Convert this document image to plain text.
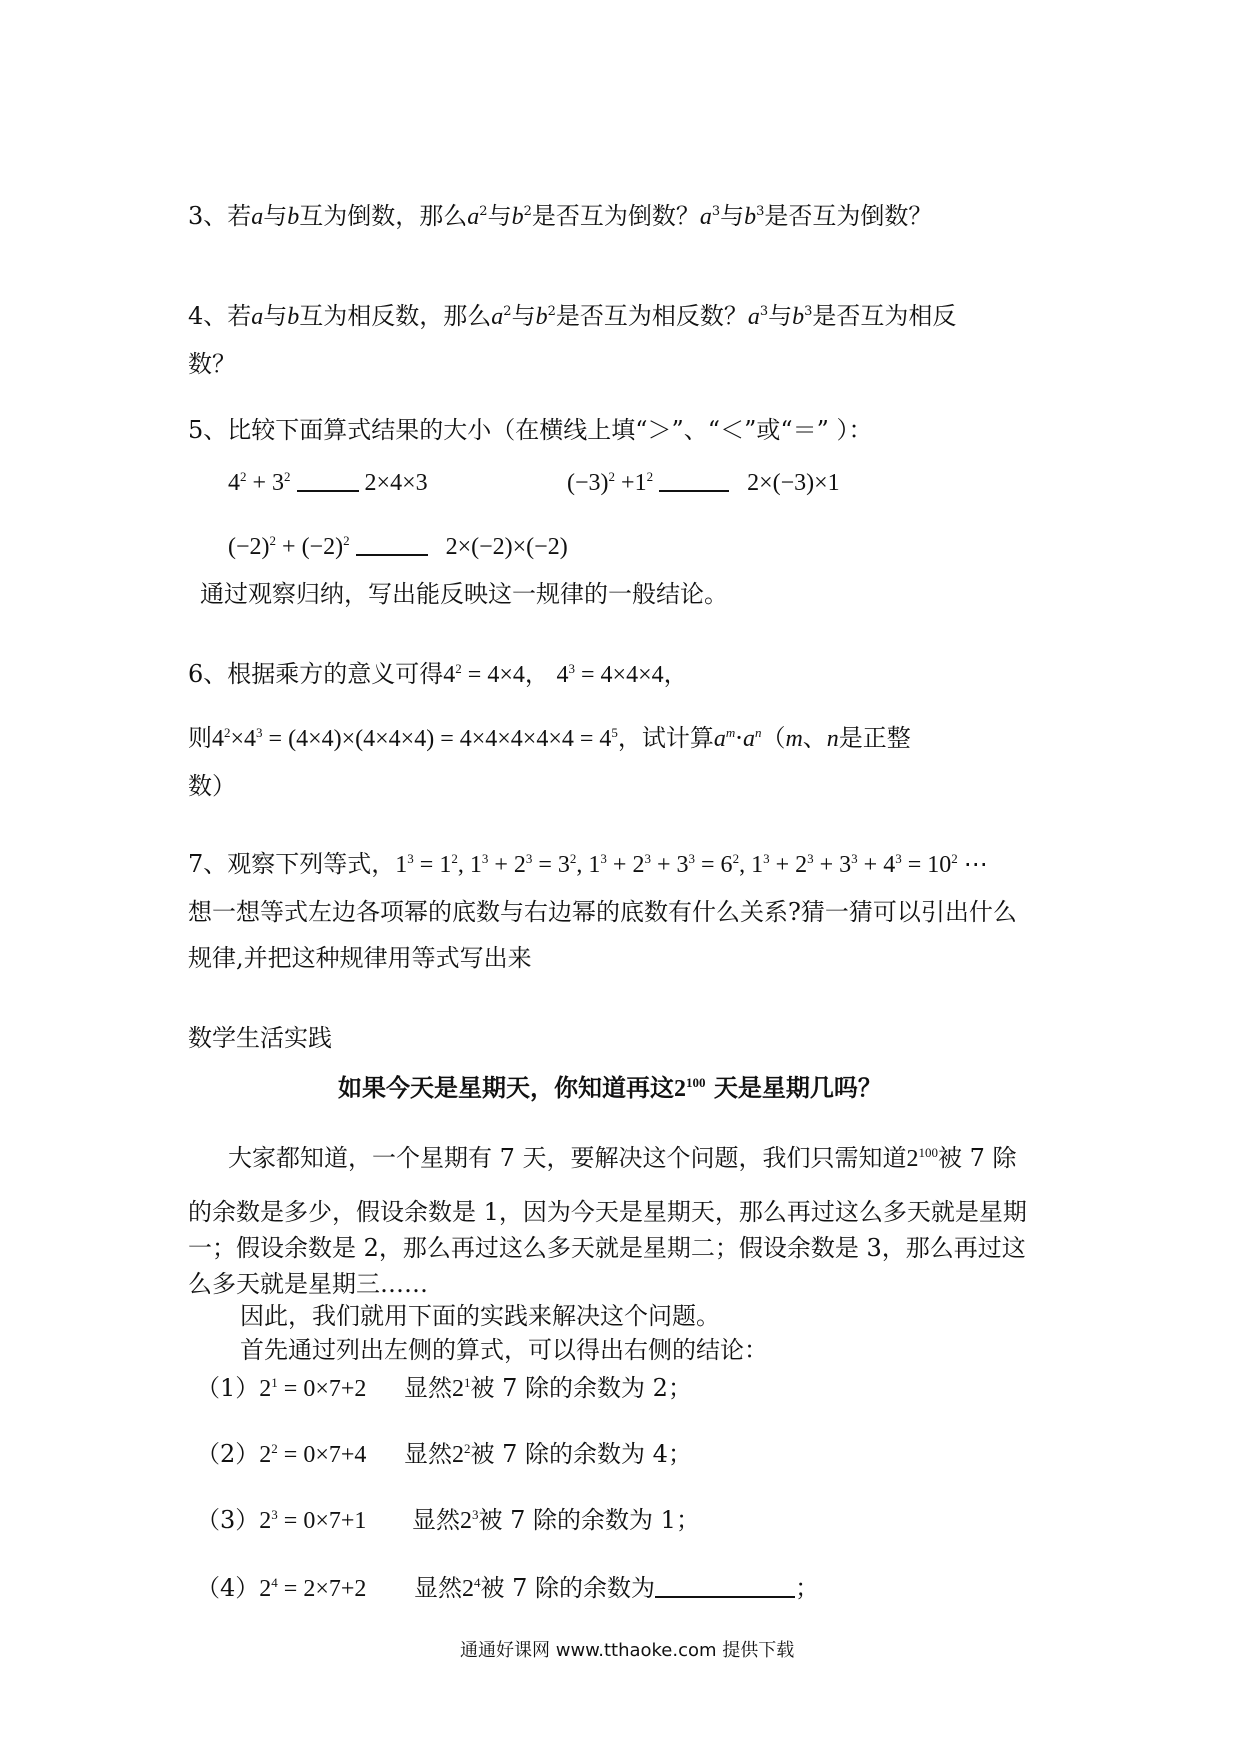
3、若a与b互为倒数，那么$a^2$与$b^2$是否互为倒数？$a^3$与$b^3$是否互为倒数？
4、若a与b互为相反数，那么$a^2$与$b^2$是否互为相反数？$a^3$与$b^3$是否互为相反
数？
5、比较下面算式结果的大小（在横线上填“＞”、“＜”或“＝” ）：
$4^2 + 3^2$	2×4×3	$(-3)^2 +1^2$	2×(−3)×1
$(-2)^2 + (-2)^2$	2×(−2)×(−2)
通过观察归纳，写出能反映这一规律的一般结论。
6、根据乘方的意义可得$4^2 = 4\times 4$， $4^3 = 4\times 4\times 4$，
则$4^2\times 4^3 = (4\times 4)\times(4\times 4\times 4) = 4\times 4\times 4\times 4\times 4 = 4^5$，试计算$a^m\cdot a^n(m$、n是正整
数）
7、观察下列等式，$1^3 = 1^2$, $1^3 + 2^3 = 3^2$, $1^3 + 2^3 + 3^3 = 6^2$, $1^3 + 2^3 + 3^3 + 4^3 = 10^2$ ⋯
想一想等式左边各项幂的底数与右边幂的底数有什么关系?猜一猜可以引出什么
规律,并把这种规律用等式写出来
数学生活实践
如果今天是星期天，你知道再这$2^{100}$ 天是星期几吗？
大家都知道，一个星期有 7 天，要解决这个问题，我们只需知道$2^{100}$被 7 除
的余数是多少，假设余数是 1，因为今天是星期天，那么再过这么多天就是星期
一；假设余数是 2，那么再过这么多天就是星期二；假设余数是 3，那么再过这
么多天就是星期三……
因此，我们就用下面的实践来解决这个问题。
首先通过列出左侧的算式，可以得出右侧的结论：
$(1)2^1 = 0\times 7+2$ 显然$2^1$被 7 除的余数为 2；
$(2)2^2 = 0\times 7+4$ 显然$2^2$被 7 除的余数为 4；
$(3)2^3 = 0\times 7+1$ 显然$2^3$被 7 除的余数为 1；
$(4)2^4 = 2\times 7+2$ 显然$2^4$被 7 除的余数为	；
通通好课网 www.tthaoke.com 提供下载
